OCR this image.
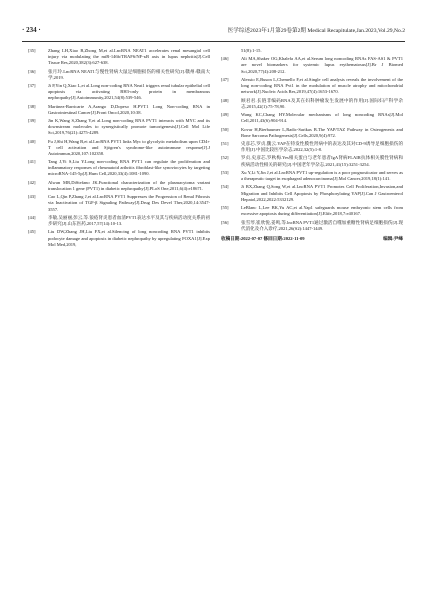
· 234 ·	医学综述2023年1月第29卷第2期 Medical Recapitulate,Jan.2023,Vol.29,No.2
[35]	Zhang LH,Xiao B,Zhong M,et al.LncRNA NEAT1 accelerates renal mesangial cell injury via modulating the miR-146b/TRAF6/NF-κB axis in lupus nephritis[J].Cell Tissue Res,2020,382(3):627-638.
[36]	张月玲.LncRNA NEAT1与慢性肾病大鼠足细胞损伤的相关性研究[J].赣州:赣南大学,2019.
[37]	Ji P,Yin Q,Xiao L,et al.Long non-coding RNA Neat1 triggers renal tubular epithelial cell apoptosis via activating BH3-only protein in membranous nephropathy[J].Autoimmunity,2021,54(8):539-546.
[38]	Martinez-Barricarte A,Arango D,Dopeso H.PVT1 Long Non-coding RNA in Gastrointestinal Cancer[J].Front Oncol,2020,10:38.
[39]	Jin K,Wang S,Zhang Y,et al.Long non-coding RNA PVT1 interacts with MYC and its downstream molecules to synergistically promote tumorigenesis[J].Cell Mol Life Sci,2019,76(21):4275-4289.
[40]	Fu J,Shi H,Wang B,et al.LncRNA PVT1 links Myc to glycolytic metabolism upon CD4+ T cell activation and Sjögren's syndrome-like autoimmune response[J].J Autoimmun,2020,107:102358.
[41]	Tang J,Yi S,Liu Y.Long non-coding RNA PVT1 can regulate the proliferation and inflammatory responses of rheumatoid arthritis fibroblast-like synoviocytes by targeting microRNA-145-5p[J].Hum Cell,2020,33(4):1081-1090.
[42]	Alwan MR,DiStefano JK.Functional characterization of the plasmacytoma variant translocation 1 gene (PVT1) in diabetic nephropathy[J].PLoS One,2011,6(4):e18671.
[43]	Cao L,Qin P,Zhang J,et al.LncRNA PVT1 Suppresses the Progression of Renal Fibrosis via Inactivation of TGF-β Signaling Pathway[J].Drug Des Devel Ther,2020,14:3547-3557.
[44]	李敏,吴丽丽,彭云,等.狼疮肾炎患者血清PVT1表达水平及其与疾病活动度关系的初步研究[J].山东医药,2017,57(14):10-13.
[45]	Liu DW,Zhang JH,Liu FX,et al.Silencing of long noncoding RNA PVT1 inhibits podocyte damage and apoptosis in diabetic nephropathy by upregulating FOXA1[J].Exp Mol Med,2019,
51(8):1-15.
[46]	Ali MA,Shaker OG,Khalefa AA,et al.Serum long noncoding RNAs FAS-AS1 & PVT1 are novel biomarkers for systemic lupus erythematosus[J].Br J Biomed Sci,2020,77(4):208-212.
[47]	Alessio E,Buson L,Chemello F,et al.Single cell analysis reveals the involvement of the long non-coding RNA Pvt1 in the modulation of muscle atrophy and mitochondrial network[J].Nucleic Acids Res,2019,47(4):1653-1670.
[48]	顾君君.长链非编码RNA及其在妇科肿瘤发生发展中的作用[J].国际妇产科学杂志,2015,42(1):75-78,90.
[49]	Wang KC,Chang HY.Molecular mechanisms of long noncoding RNAs[J].Mol Cell,2011,43(6):904-914.
[50]	Kovar H,Bierbaumer L,Radic-Sarikas B.The YAP/TAZ Pathway in Osteogenesis and Bone Sarcoma Pathogenesis[J].Cells,2020,9(4):972.
[51]	史彦芯,罗贞,魏云.YAP在特发性膜性肾病中的表达及其对CD-9诱导足细胞损伤的作用[J].中国比较医学杂志,2022,32(5):1-8.
[52]	罗贞,史彦芯,罗秋梅.Yes相关蛋白与老年患者IgA肾病FLAIR抗体相关膜性肾病和疾病活动性相关的研究[J].中国老年学杂志,2021,41(15):3251-3254.
[53]	Xu Y,Li Y,Jin J,et al.LncRNA PVT1 up-regulation is a poor prognosticator and serves as a therapeutic target in esophageal adenocarcinoma[J].Mol Cancer,2019,18(1):141.
[54]	Ji BX,Zhang Q,Song W,et al.LncRNA PVT1 Promotes Cell Proliferation,Invasion,and Migration and Inhibits Cell Apoptosis by Phosphorylating YAP[J].Can J Gastroenterol Hepatol,2022,2022:5332129.
[55]	LeBlanc L,Lee BK,Yu AC,et al.Yap1 safeguards mouse embryonic stem cells from excessive apoptosis during differentiation[J].Elife,2018,7:e40167.
[56]	张雪琴,崔欣悦,姜鸣,等.lncRNA PVT1通过激活自噬加重糖性肾病足细胞损伤[J].现代消化及介入诊疗,2021,26(S2):1447-1449.
收稿日期:2022-07-07 修回日期:2022-11-09	编辑:尹峰
